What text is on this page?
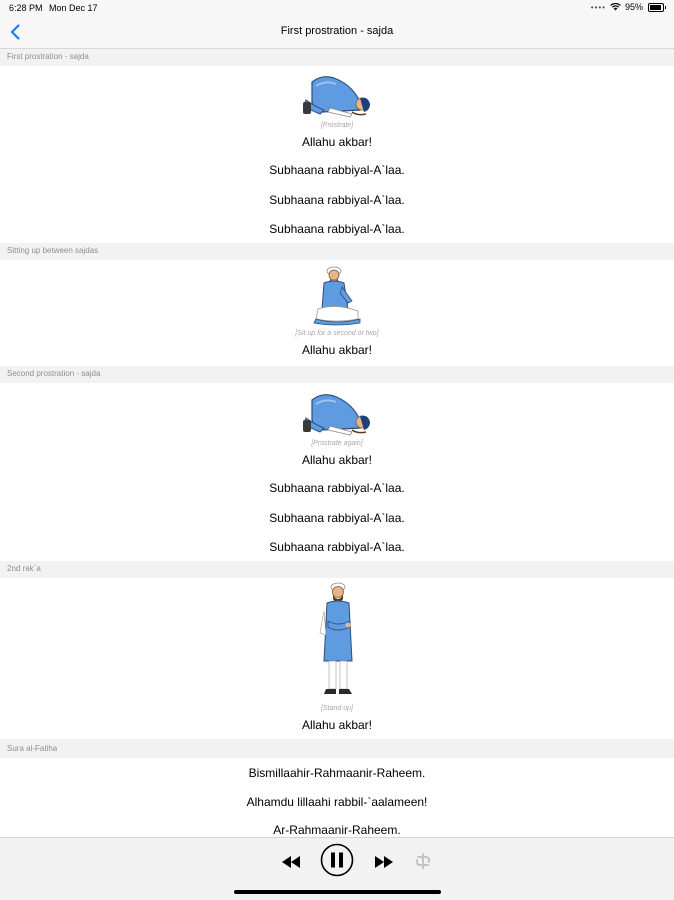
6:28 PM Mon Dec 17	•••• 95%
First prostration - sajda
First prostration - sajda
[Prostrate]
Allahu akbar!
Subhaana rabbiyal-A`laa.
Subhaana rabbiyal-A`laa.
Subhaana rabbiyal-A`laa.
Sitting up between sajdas
[Sit up for a second or two]
Allahu akbar!
Second prostration - sajda
[Prostrate again]
Allahu akbar!
Subhaana rabbiyal-A`laa.
Subhaana rabbiyal-A`laa.
Subhaana rabbiyal-A`laa.
2nd rak`a
[Stand up]
Allahu akbar!
Sura al-Fatiha
Bismillaahir-Rahmaanir-Raheem.
Alhamdu lillaahi rabbil-`aalameen!
Ar-Rahmaanir-Raheem.
